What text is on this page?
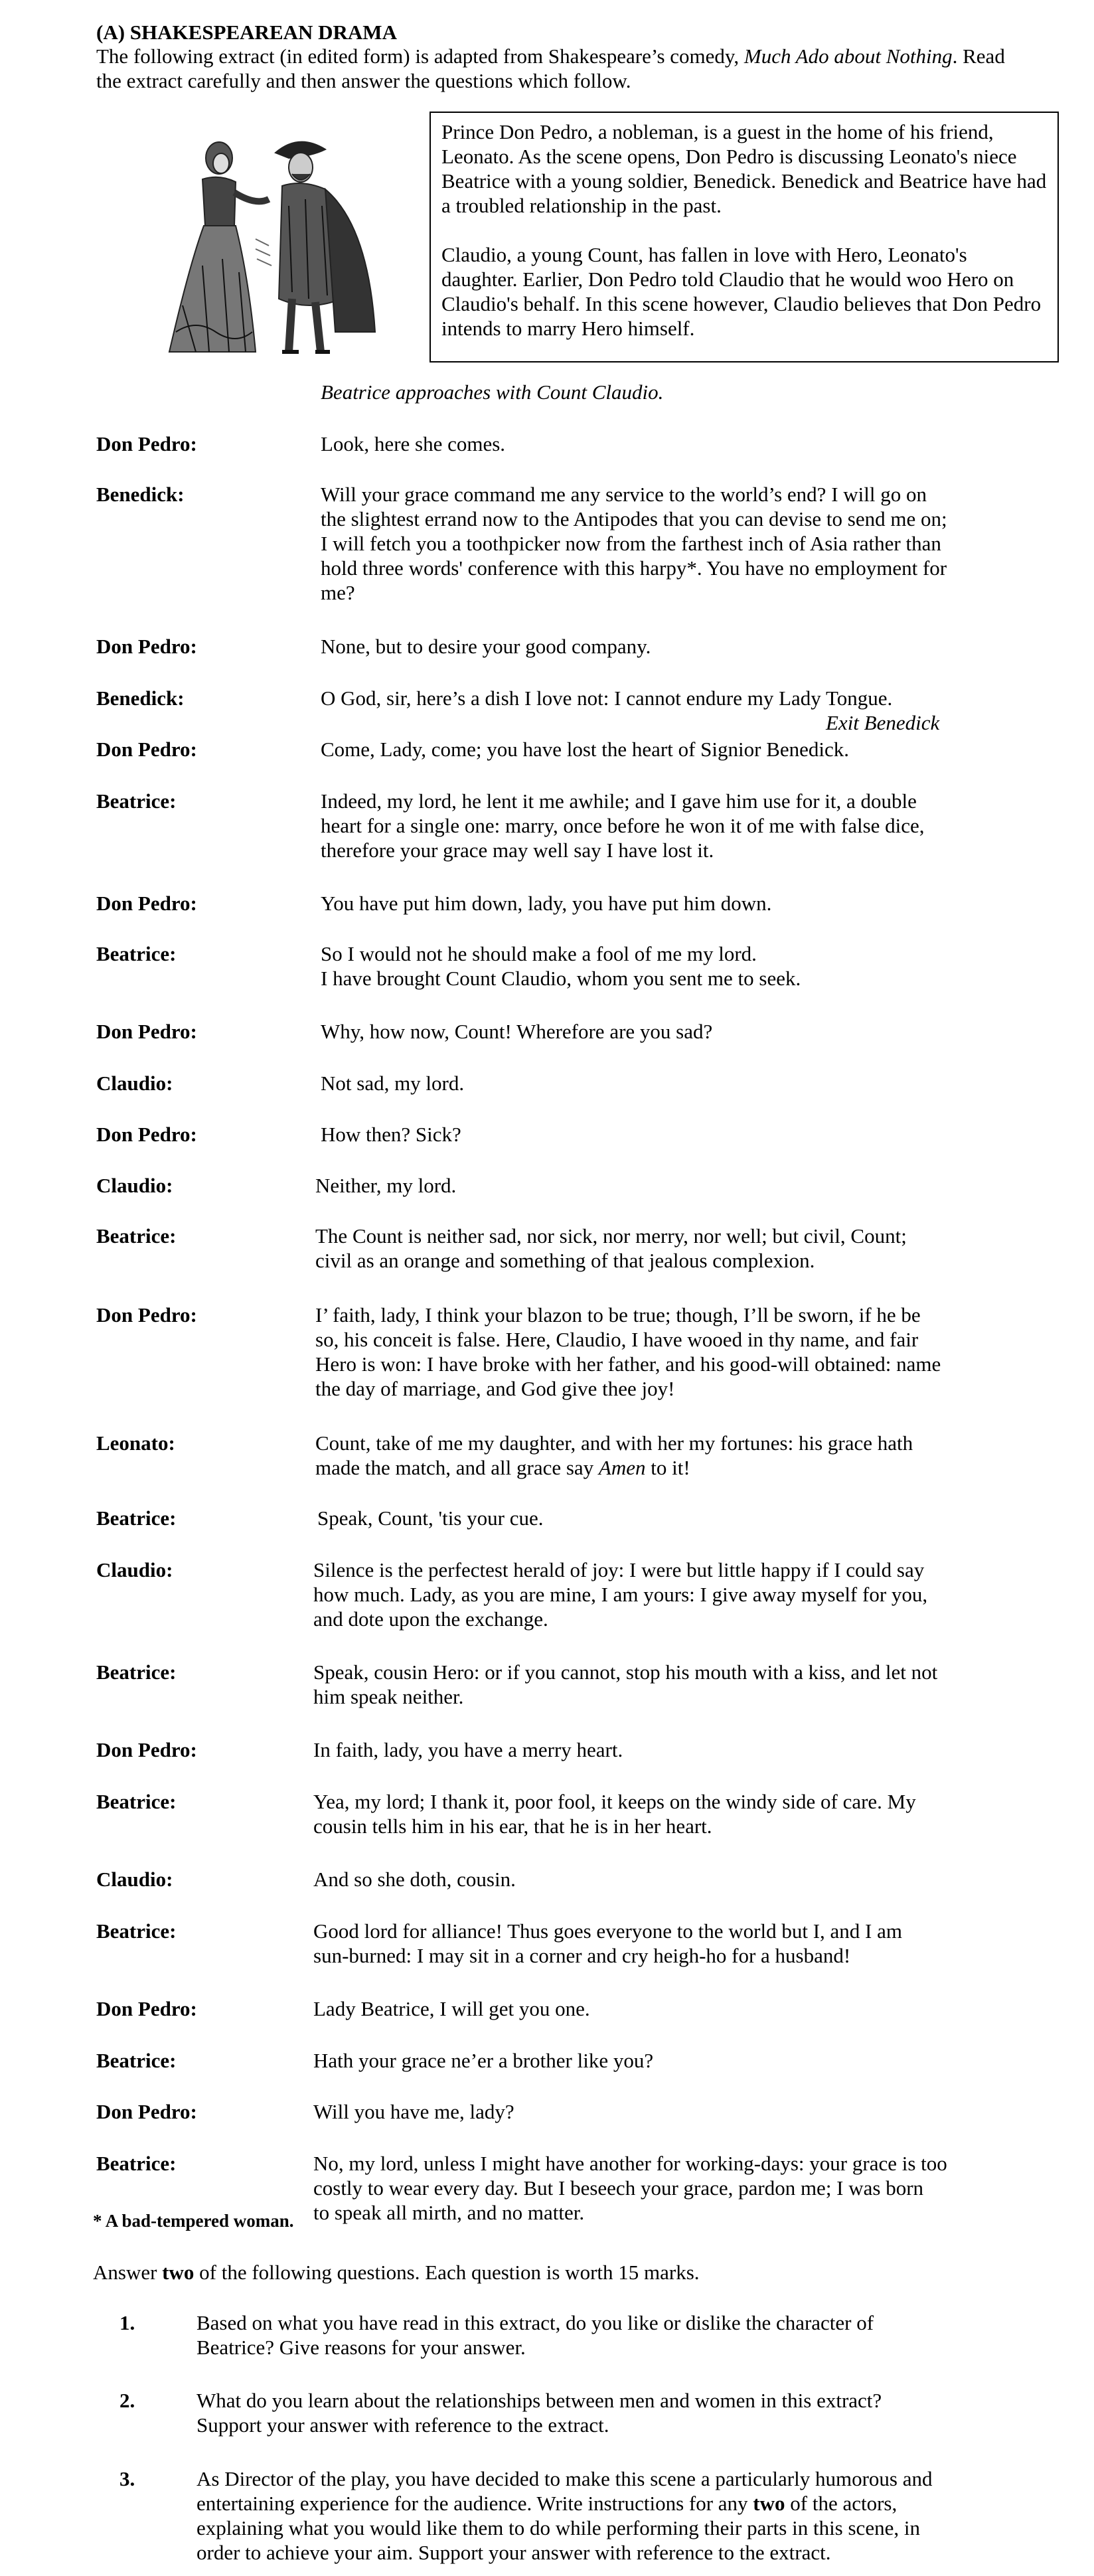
(A) SHAKESPEAREAN DRAMA
The following extract (in edited form) is adapted from Shakespeare’s comedy, Much Ado about Nothing. Read the extract carefully and then answer the questions which follow.

Prince Don Pedro, a nobleman, is a guest in the home of his friend, Leonato. As the scene opens, Don Pedro is discussing Leonato's niece Beatrice with a young soldier, Benedick. Benedick and Beatrice have had a troubled relationship in the past.

Claudio, a young Count, has fallen in love with Hero, Leonato's daughter. Earlier, Don Pedro told Claudio that he would woo Hero on Claudio's behalf. In this scene however, Claudio believes that Don Pedro intends to marry Hero himself.

Beatrice approaches with Count Claudio.
Don Pedro:	Look, here she comes.
Benedick:	Will your grace command me any service to the world’s end? I will go on
the slightest errand now to the Antipodes that you can devise to send me on;
I will fetch you a toothpicker now from the farthest inch of Asia rather than
hold three words' conference with this harpy*. You have no employment for
me?
Don Pedro:	None, but to desire your good company.
Benedick:	O God, sir, here’s a dish I love not: I cannot endure my Lady Tongue.
Exit Benedick
Don Pedro:	Come, Lady, come; you have lost the heart of Signior Benedick.
Beatrice:	Indeed, my lord, he lent it me awhile; and I gave him use for it, a double
heart for a single one: marry, once before he won it of me with false dice,
therefore your grace may well say I have lost it.
Don Pedro:	You have put him down, lady, you have put him down.
Beatrice:	So I would not he should make a fool of me my lord.
I have brought Count Claudio, whom you sent me to seek.
Don Pedro:	Why, how now, Count! Wherefore are you sad?
Claudio:	Not sad, my lord.
Don Pedro:	How then? Sick?
Claudio:	Neither, my lord.
Beatrice:	The Count is neither sad, nor sick, nor merry, nor well; but civil, Count;
civil as an orange and something of that jealous complexion.
Don Pedro:	I’ faith, lady, I think your blazon to be true; though, I’ll be sworn, if he be
so, his conceit is false. Here, Claudio, I have wooed in thy name, and fair
Hero is won: I have broke with her father, and his good-will obtained: name
the day of marriage, and God give thee joy!
Leonato:	Count, take of me my daughter, and with her my fortunes: his grace hath
made the match, and all grace say Amen to it!
Beatrice:	Speak, Count, 'tis your cue.
Claudio:	Silence is the perfectest herald of joy: I were but little happy if I could say
how much. Lady, as you are mine, I am yours: I give away myself for you,
and dote upon the exchange.
Beatrice:	Speak, cousin Hero: or if you cannot, stop his mouth with a kiss, and let not
him speak neither.
Don Pedro:	In faith, lady, you have a merry heart.
Beatrice:	Yea, my lord; I thank it, poor fool, it keeps on the windy side of care. My
cousin tells him in his ear, that he is in her heart.
Claudio:	And so she doth, cousin.
Beatrice:	Good lord for alliance! Thus goes everyone to the world but I, and I am
sun-burned: I may sit in a corner and cry heigh-ho for a husband!
Don Pedro:	Lady Beatrice, I will get you one.
Beatrice:	Hath your grace ne’er a brother like you?
Don Pedro:	Will you have me, lady?
Beatrice:	No, my lord, unless I might have another for working-days: your grace is too
costly to wear every day. But I beseech your grace, pardon me; I was born
to speak all mirth, and no matter.
* A bad-tempered woman.
Answer two of the following questions. Each question is worth 15 marks.
1.	Based on what you have read in this extract, do you like or dislike the character of
Beatrice? Give reasons for your answer.
2.	What do you learn about the relationships between men and women in this extract?
Support your answer with reference to the extract.
3.	As Director of the play, you have decided to make this scene a particularly humorous and
entertaining experience for the audience. Write instructions for any two of the actors,
explaining what you would like them to do while performing their parts in this scene, in
order to achieve your aim. Support your answer with reference to the extract.
